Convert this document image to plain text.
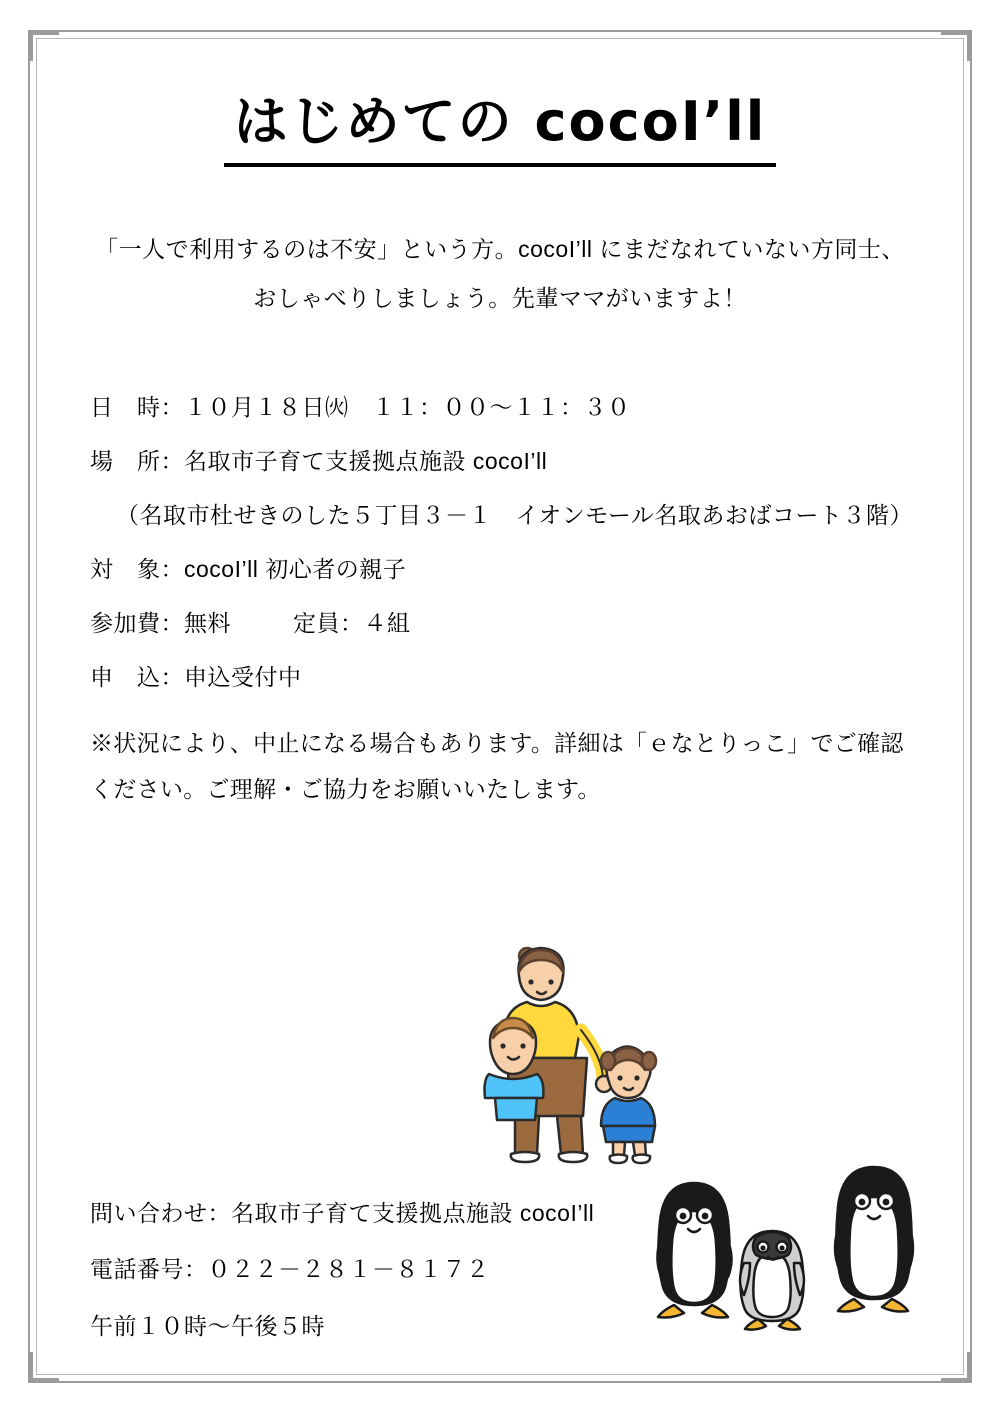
はじめての cocoI’ll
「一人で利用するのは不安」という方。cocoI’ll にまだなれていない方同士、
おしゃべりしましょう。先輩ママがいますよ！
日　時：１０月１８日㈫　１１：００～１１：３０
場　所：名取市子育て支援拠点施設 cocoI’ll
（名取市杜せきのした５丁目３－１　イオンモール名取あおばコート３階）
対　象：cocoI’ll 初心者の親子
参加費：無料	定員：４組
申　込：申込受付中
※状況により、中止になる場合もあります。詳細は「ｅなとりっこ」でご確認
ください。ご理解・ご協力をお願いいたします。
問い合わせ：名取市子育て支援拠点施設 cocoI’ll
電話番号：０２２－２８１－８１７２
午前１０時～午後５時
